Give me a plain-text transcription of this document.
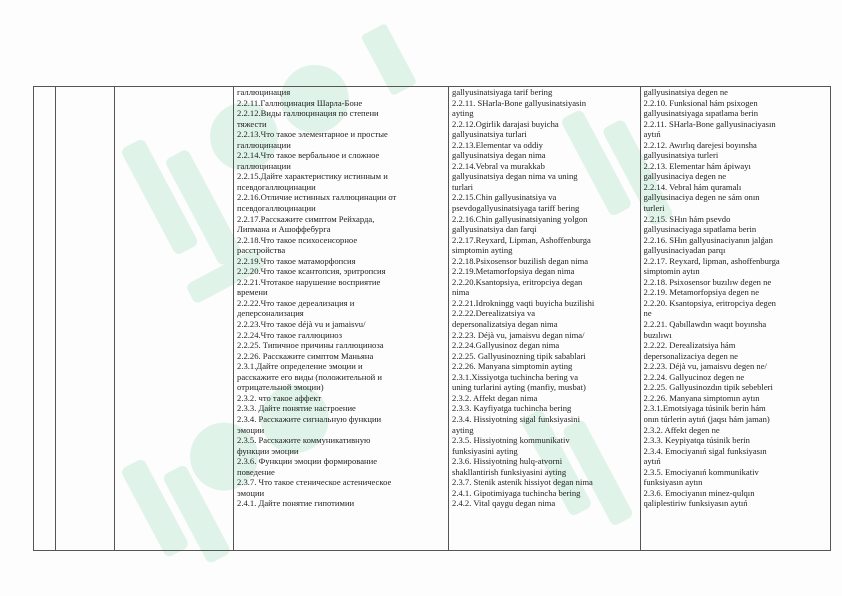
галлюцинация
2.2.11.Галлюцинация Шарла-Боне
2.2.12.Виды галлюцинация по степени
тяжести
2.2.13.Что такое элементарное и простые
галлюцинации
2.2.14.Что такое вербальное и сложное
галлюцинации
2.2.15.Дайте характеристику истинным и
псевдогаллюцинации
2.2.16.Отличие истинных галлюцинации от
псевдогаллюцинации
2.2.17.Расскажите симптом Рейхарда,
Липмана и Ашоффебурга
2.2.18.Что такое психосенсорное
расстройства
2.2.19.Что такое матаморфопсия
2.2.20.Что такое ксантопсия, эритропсия
2.2.21.Чтотакое нарушение восприятие
времени
2.2.22.Что такое дереализация и
деперсонализация
2.2.23.Что такое déjà vu и jamaisvu/
2.2.24.Что такое галлюциноз
2.2.25. Типичное причины галлюциноза
2.2.26. Расскажите симптом Маньяна
2.3.1.Дайте определение эмоции и
расскажите его виды (положительной и
отрицательной эмоции)
2.3.2. что такое аффект
2.3.3. Дайте понятие настроение
2.3.4. Расскажите сигнальную функции
эмоции
2.3.5. Расскажите коммуникативную
функции эмоции
2.3.6. Функции эмоции формирование
поведение
2.3.7. Что такое стеническое астеническое
эмоции
2.4.1. Дайте понятие гипотимии

gallyusinatsiyaga tarif bering
2.2.11. SHarla-Bone gallyusinatsiyasin
ayting
2.2.12.Ogirlik darajasi buyicha
gallyusinatsiya turlari
2.2.13.Elementar va oddiy
gallyusinatsiya degan nima
2.2.14.Vebral va murakkab
gallyusinatsiya degan nima va uning
turlari
2.2.15.Chin gallyusinatsiya va
psevdogallyusinatsiyaga tariff bering
2.2.16.Chin gallyusinatsiyaning yolgon
gallyusinatsiya dan farqi
2.2.17.Reyxard, Lipman, Ashoffenburga
simptomin ayting
2.2.18.Psixosensor buzilish degan nima
2.2.19.Metamorfopsiya degan nima
2.2.20.Ksantopsiya, eritropciya degan
nima
2.2.21.Idrokningg vaqti buyicha buzilishi
2.2.22.Derealizatsiya va
depersonalizatsiya degan nima
2.2.23. Déjà vu, jamaisvu degan nima/
2.2.24.Gallyusinoz degan nima
2.2.25. Gallyusinozning tipik sabablari
2.2.26. Manyana simptomin ayting
2.3.1.Xissiyotga tuchincha bering va
uning turlarini ayting (manfiy, musbat)
2.3.2. Affekt degan nima
2.3.3. Kayfiyatga tuchincha bering
2.3.4. Hissiyotning sigal funksiyasini
ayting
2.3.5. Hissiyotning kommunikativ
funksiyasini ayting
2.3.6. Hissiyotning hulq-atvorni
shakllantirish funksiyasini ayting
2.3.7. Stenik astenik hissiyot degan nima
2.4.1. Gipotimiyaga tuchincha bering
2.4.2. Vital qaygu degan nima

gallyusinatsiya degen ne
2.2.10. Funksional hám psixogen
gallyusinatsiyaga sıpatlama berin
2.2.11. SHarla-Bone gallyusinaciyasın
aytıń
2.2.12. Awırlıq darejesi boyınsha
gallyusinatsiya turleri
2.2.13. Elementar hám ápiwayı
gallyusinaciya degen ne
2.2.14. Vebral hám quramalı
gallyusinaciya degen ne sám onın
turleri
2.2.15. SHın hám psevdo
gallyusinaciyaga sıpatlama berin
2.2.16. SHın gallyusinaciyanın jalǵan
gallyusinaciyadan parqı
2.2.17. Reyxard, lipman, ashoffenburga
simptomin aytın
2.2.18. Psixosensor buzılıw degen ne
2.2.19. Metamorfopsiya degen ne
2.2.20. Ksantopsiya, eritropciya degen
ne
2.2.21. Qabıllawdın waqıt boyınsha
buzılıwı
2.2.22. Derealizatsiya hám
depersonalizaciya degen ne
2.2.23. Déjà vu, jamaisvu degen ne/
2.2.24. Gallyucinoz degen ne
2.2.25. Gallyusinozdın tipik sebebleri
2.2.26. Manyana simptomın aytın
2.3.1.Emotsiyaga túsinik berin hám
onın túrlerin aytıń (jaqsı hám jaman)
2.3.2. Affekt degen ne
2.3.3. Keypiyatqa túsinik berin
2.3.4. Emociyanıń sigal funksiyasın
aytıń
2.3.5. Emociyanıń kommunikativ
funksiyasın aytın
2.3.6. Emociyanın minez-qulqın
qaliplestiriw funksiyasın aytıń
